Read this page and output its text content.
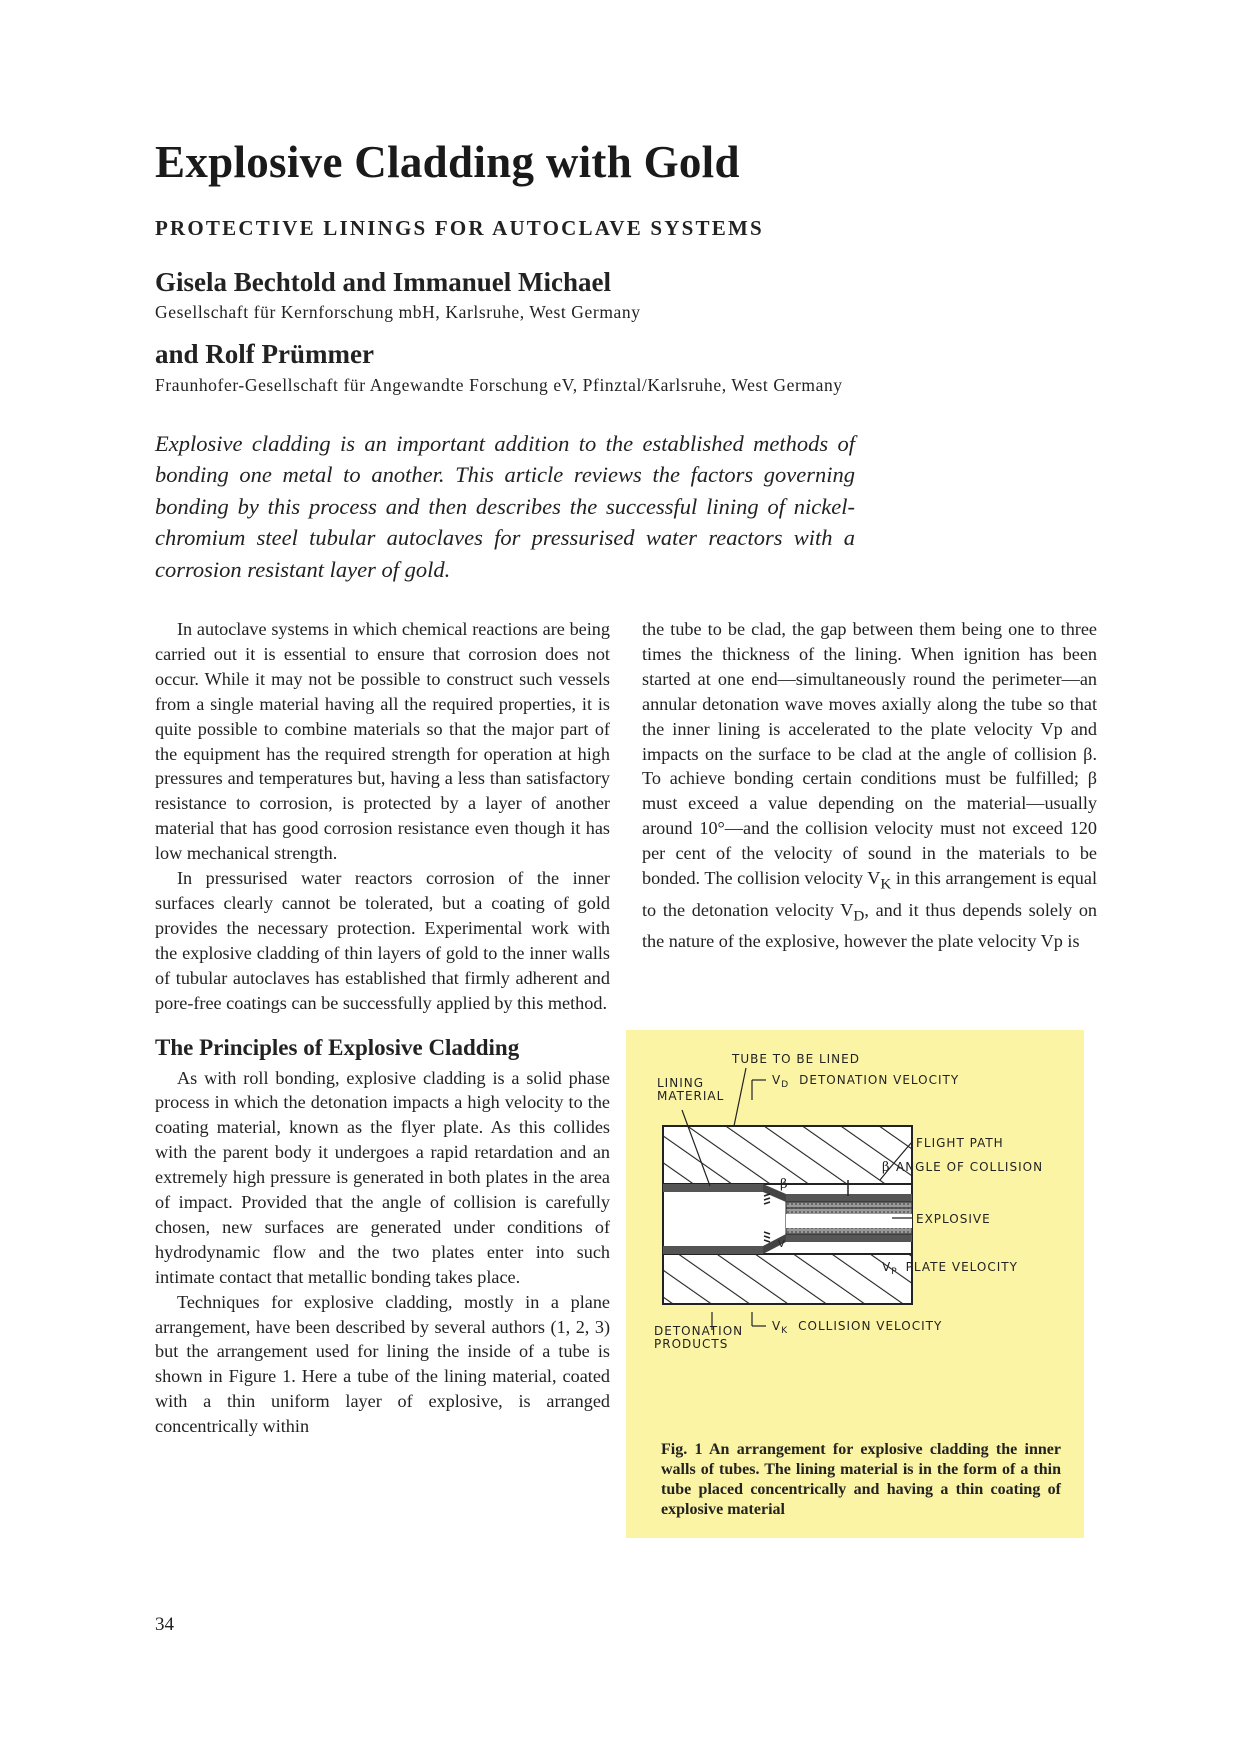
Explosive Cladding with Gold
PROTECTIVE LININGS FOR AUTOCLAVE SYSTEMS
Gisela Bechtold and Immanuel Michael
Gesellschaft für Kernforschung mbH, Karlsruhe, West Germany
and Rolf Prümmer
Fraunhofer-Gesellschaft für Angewandte Forschung eV, Pfinztal/Karlsruhe, West Germany

Explosive cladding is an important addition to the established methods of bonding one metal to another. This article reviews the factors governing bonding by this process and then describes the successful lining of nickel-chromium steel tubular autoclaves for pressurised water reactors with a corrosion resistant layer of gold.

In autoclave systems in which chemical reactions are being carried out it is essential to ensure that corrosion does not occur. While it may not be possible to construct such vessels from a single material having all the required properties, it is quite possible to combine materials so that the major part of the equipment has the required strength for operation at high pressures and temperatures but, having a less than satisfactory resistance to corrosion, is protected by a layer of another material that has good corrosion resistance even though it has low mechanical strength.

In pressurised water reactors corrosion of the inner surfaces clearly cannot be tolerated, but a coating of gold provides the necessary protection. Experimental work with the explosive cladding of thin layers of gold to the inner walls of tubular autoclaves has established that firmly adherent and pore-free coatings can be successfully applied by this method.

The Principles of Explosive Cladding

As with roll bonding, explosive cladding is a solid phase process in which the detonation impacts a high velocity to the coating material, known as the flyer plate. As this collides with the parent body it undergoes a rapid retardation and an extremely high pressure is generated in both plates in the area of impact. Provided that the angle of collision is carefully chosen, new surfaces are generated under conditions of hydrodynamic flow and the two plates enter into such intimate contact that metallic bonding takes place.

Techniques for explosive cladding, mostly in a plane arrangement, have been described by several authors (1, 2, 3) but the arrangement used for lining the inside of a tube is shown in Figure 1. Here a tube of the lining material, coated with a thin uniform layer of explosive, is arranged concentrically within

the tube to be clad, the gap between them being one to three times the thickness of the lining. When ignition has been started at one end—simultaneously round the perimeter—an annular detonation wave moves axially along the tube so that the inner lining is accelerated to the plate velocity Vp and impacts on the surface to be clad at the angle of collision β. To achieve bonding certain conditions must be fulfilled; β must exceed a value depending on the material—usually around 10°—and the collision velocity must not exceed 120 per cent of the velocity of sound in the materials to be bonded. The collision velocity $V_K$ in this arrangement is equal to the detonation velocity $V_D$, and it thus depends solely on the nature of the explosive, however the plate velocity Vp is

β
V
TUBE TO BE LINED
LINING
MATERIAL
$V_D$ DETONATION VELOCITY
FLIGHT PATH
β ANGLE OF COLLISION
EXPLOSIVE
$V_P$ PLATE VELOCITY
DETONATION
PRODUCTS
$V_K$ COLLISION VELOCITY

Fig. 1 An arrangement for explosive cladding the inner walls of tubes. The lining material is in the form of a thin tube placed concentrically and having a thin coating of explosive material

34
